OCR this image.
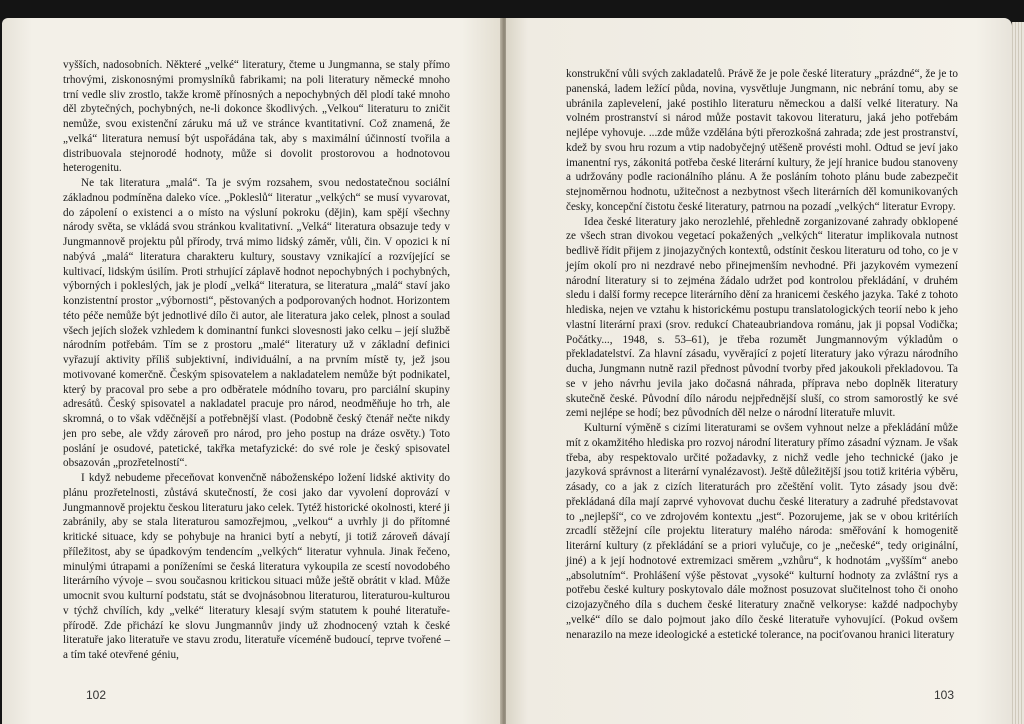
vyšších, nadosobních. Některé „velké“ literatury, čteme u Jungmanna, se staly přímo trhovými, ziskonosnými promyslníků fabrikami; na poli literatury německé mnoho trní vedle sliv zrostlo, takže kromě přínosných a nepochybných děl plodí také mnoho děl zbytečných, pochybných, ne-li dokonce škodlivých. „Velkou“ literaturu to zničit nemůže, svou existenční záruku má už ve stránce kvantitativní. Což znamená, že „velká“ literatura nemusí být uspořádána tak, aby s maximální účinností tvořila a distribuovala stejnorodé hodnoty, může si dovolit prostorovou a hodnotovou heterogenitu.

Ne tak literatura „malá“. Ta je svým rozsahem, svou nedostatečnou sociální základnou podmíněna daleko více. „Pokleslů“ literatur „velkých“ se musí vyvarovat, do zápolení o existenci a o místo na výsluní pokroku (dějin), kam spějí všechny národy světa, se vkládá svou stránkou kvalitativní. „Velká“ literatura obsazuje tedy v Jungmannově projektu půl přírody, trvá mimo lidský záměr, vůli, čin. V opozici k ní nabývá „malá“ literatura charakteru kultury, soustavy vznikající a rozvíjející se kultivací, lidským úsilím. Proti strhující záplavě hodnot nepochybných i pochybných, výborných i pokleslých, jak je plodí „velká“ literatura, se literatura „malá“ staví jako konzistentní prostor „výbornosti“, pěstovaných a podporovaných hodnot. Horizontem této péče nemůže být jednotlivé dílo či autor, ale literatura jako celek, plnost a soulad všech jejích složek vzhledem k dominantní funkci slovesnosti jako celku – její službě národním potřebám. Tím se z prostoru „malé“ literatury už v základní definici vyřazují aktivity příliš subjektivní, individuální, a na prvním místě ty, jež jsou motivované komerčně. Českým spisovatelem a nakladatelem nemůže být podnikatel, který by pracoval pro sebe a pro odběratele módního tovaru, pro parciální skupiny adresátů. Český spisovatel a nakladatel pracuje pro národ, neodměňuje ho trh, ale skromná, o to však vděčnější a potřebnější vlast. (Podobně český čtenář nečte nikdy jen pro sebe, ale vždy zároveň pro národ, pro jeho postup na dráze osvěty.) Toto poslání je osudové, patetické, takřka metafyzické: do své role je český spisovatel obsazován „prozřetelností“.

I když nebudeme přeceňovat konvenčně nábožensképo ložení lidské aktivity do plánu prozřetelnosti, zůstává skutečností, že cosi jako dar vyvolení doprovází v Jungmannově projektu českou literaturu jako celek. Tytéž historické okolnosti, které ji zabránily, aby se stala literaturou samozřejmou, „velkou“ a uvrhly ji do přítomné kritické situace, kdy se pohybuje na hranici bytí a nebytí, ji totiž zároveň dávají příležitost, aby se úpadkovým tendencím „velkých“ literatur vyhnula. Jinak řečeno, minulými útrapami a poníženími se česká literatura vykoupila ze scestí novodobého literárního vývoje – svou současnou kritickou situaci může ještě obrátit v klad. Může umocnit svou kulturní podstatu, stát se dvojnásobnou literaturou, literaturou-kulturou v týchž chvílích, kdy „velké“ literatury klesají svým statutem k pouhé literatuře-přírodě. Zde přichází ke slovu Jungmannův jindy už zhodnocený vztah k české literatuře jako literatuře ve stavu zrodu, literatuře víceméně budoucí, teprve tvořené – a tím také otevřené géniu,

102

konstrukční vůli svých zakladatelů. Právě že je pole české literatury „prázdné“, že je to panenská, ladem ležící půda, novina, vysvětluje Jungmann, nic nebrání tomu, aby se ubránila zaplevelení, jaké postihlo literaturu německou a další velké literatury. Na volném prostranství si národ může postavit takovou literaturu, jaká jeho potřebám nejlépe vyhovuje. ...zde může vzdělána býti přerozkošná zahrada; zde jest prostranství, kdež by svou hru rozum a vtip nadobyčejný utěšeně provésti mohl. Odtud se jeví jako imanentní rys, zákonitá potřeba české literární kultury, že její hranice budou stanoveny a udržovány podle racionálního plánu. A že posláním tohoto plánu bude zabezpečit stejnoměrnou hodnotu, užitečnost a nezbytnost všech literárních děl komunikovaných česky, koncepční čistotu české literatury, patrnou na pozadí „velkých“ literatur Evropy.

Idea české literatury jako nerozlehlé, přehledně zorganizované zahrady obklopené ze všech stran divokou vegetací pokažených „velkých“ literatur implikovala nutnost bedlivě řídit přijem z jinojazyčných kontextů, odstínit českou literaturu od toho, co je v jejím okolí pro ni nezdravé nebo přinejmenším nevhodné. Při jazykovém vymezení národní literatury si to zejména žádalo udržet pod kontrolou překládání, v druhém sledu i další formy recepce literárního dění za hranicemi českého jazyka. Také z tohoto hlediska, nejen ve vztahu k historickému postupu translatologických teorií nebo k jeho vlastní literární praxi (srov. redukcí Chateaubriandova románu, jak ji popsal Vodička; Počátky..., 1948, s. 53–61), je třeba rozumět Jungmannovým výkladům o překladatelství. Za hlavní zásadu, vyvěrající z pojetí literatury jako výrazu národního ducha, Jungmann nutně razil přednost původní tvorby před jakoukoli překladovou. Ta se v jeho návrhu jevila jako dočasná náhrada, příprava nebo doplněk literatury skutečně české. Původní dílo národu nejpřednější sluší, co strom samorostlý ke své zemi nejlépe se hodí; bez původních děl nelze o národní literatuře mluvit.

Kulturní výměně s cizími literaturami se ovšem vyhnout nelze a překládání může mít z okamžitého hlediska pro rozvoj národní literatury přímo zásadní význam. Je však třeba, aby respektovalo určité požadavky, z nichž vedle jeho technické (jako je jazyková správnost a literární vynalézavost). Ještě důležitější jsou totiž kritéria výběru, zásady, co a jak z cizích literaturách pro zčeštění volit. Tyto zásady jsou dvě: překládaná díla mají zaprvé vyhovovat duchu české literatury a zadruhé představovat to „nejlepší“, co ve zdrojovém kontextu „jest“. Pozorujeme, jak se v obou kritériích zrcadlí stěžejní cíle projektu literatury malého národa: směřování k homogenitě literární kultury (z překládání se a priori vylučuje, co je „nečeské“, tedy originální, jiné) a k její hodnotové extremizaci směrem „vzhůru“, k hodnotám „vyšším“ anebo „absolutním“. Prohlášení výše pěstovat „vysoké“ kulturní hodnoty za zvláštní rys a potřebu české kultury poskytovalo dále možnost posuzovat slučitelnost toho či onoho cizojazyčného díla s duchem české literatury značně velkoryse: každé nadpochyby „velké“ dílo se dalo pojmout jako dílo české literatuře vyhovující. (Pokud ovšem nenarazilo na meze ideologické a estetické tolerance, na pociťovanou hranici literatury

103
